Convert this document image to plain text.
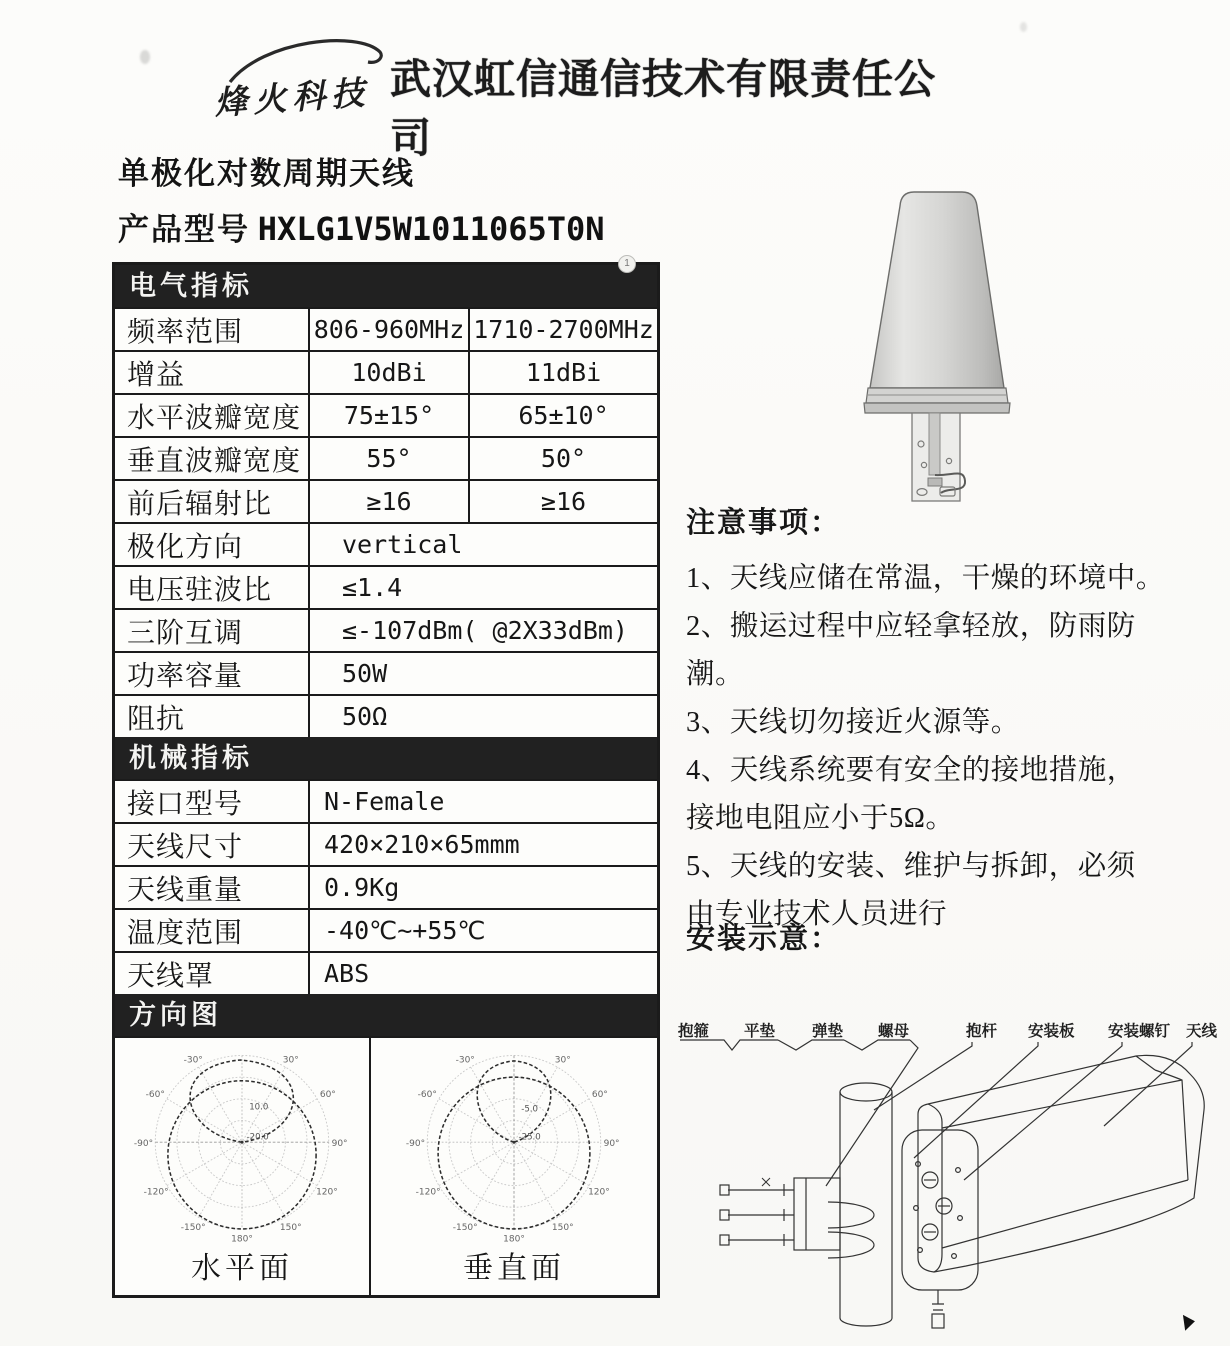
1
烽火科技 武汉虹信通信技术有限责任公司
单极化对数周期天线
产品型号 HXLG1V5W1011065T0N
电气指标
频率范围	806-960MHz 1710-2700MHz
增益	10dBi	11dBi
水平波瓣宽度	75±15°	65±10°
垂直波瓣宽度	55°	50°
前后辐射比	≥16	≥16
极化方向	vertical
电压驻波比	≤1.4
三阶互调	≤-107dBm( @2X33dBm)
功率容量	50W
阻抗	50Ω
机械指标
接口型号	N-Female
天线尺寸	420×210×65mmm
天线重量	0.9Kg
温度范围	-40℃~+55℃
天线罩	ABS
方向图
-30°
-60°
-90°
-120°
-150°
30°
60°
90°
120°
150°
180°
10.0
-20.0
水平面
-30°
-60°
-90°
-120°
-150°
30°
60°
90°
120°
150°
180°
-5.0
-25.0
垂直面
注意事项：
1、天线应储在常温，干燥的环境中。
2、搬运过程中应轻拿轻放，防雨防
潮。
3、天线切勿接近火源等。
4、天线系统要有安全的接地措施，
接地电阻应小于5Ω。
5、天线的安装、维护与拆卸，必须
由专业技术人员进行
安装示意：
抱箍 平垫 弹垫 螺母	抱杆 安装板 安装螺钉 天线
